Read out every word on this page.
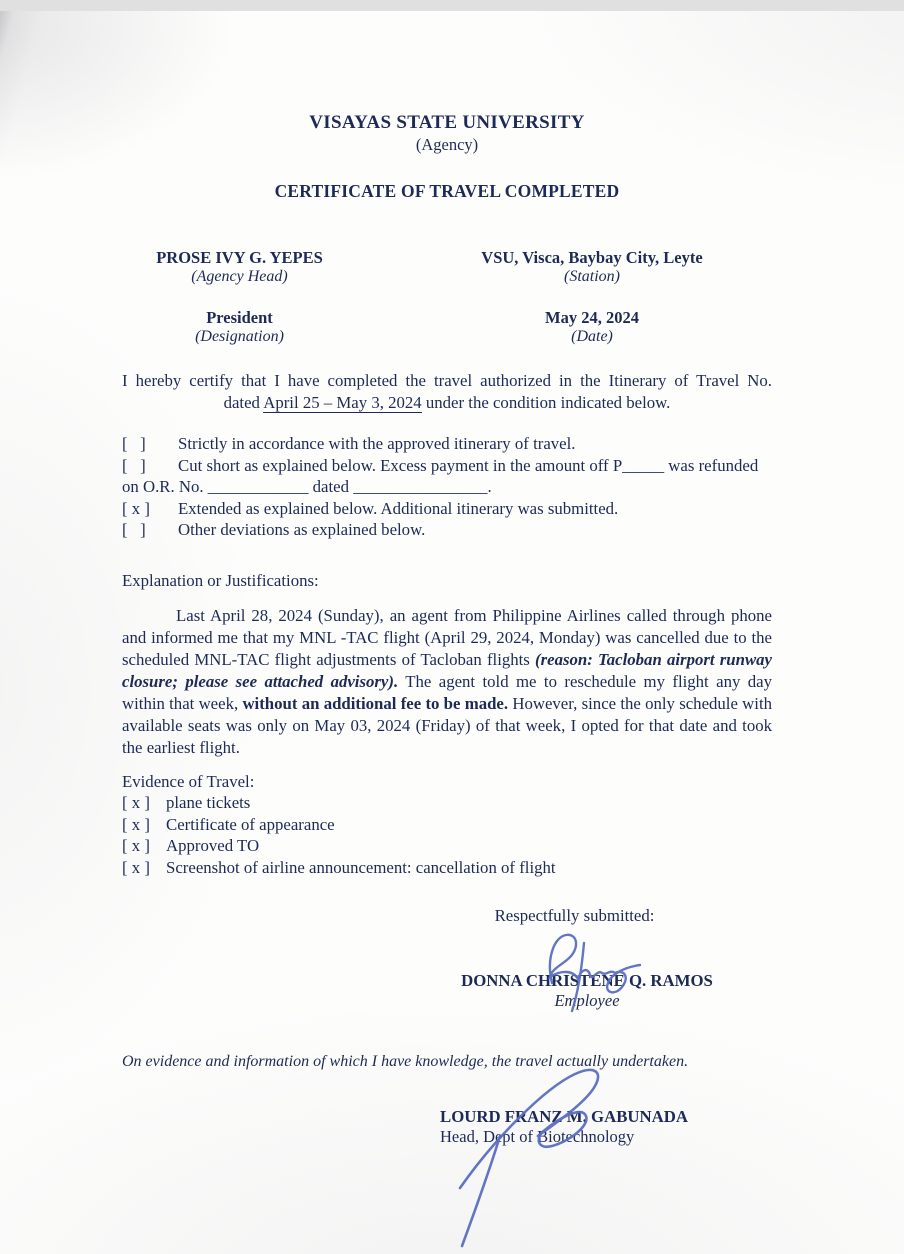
VISAYAS STATE UNIVERSITY
(Agency)
CERTIFICATE OF TRAVEL COMPLETED
PROSE IVY G. YEPES
(Agency Head)
VSU, Visca, Baybay City, Leyte
(Station)
President
(Designation)
May 24, 2024
(Date)
I hereby certify that I have completed the travel authorized in the Itinerary of Travel No.
dated April 25 – May 3, 2024 under the condition indicated below.
[   ]	Strictly in accordance with the approved itinerary of travel.
[   ]	Cut short as explained below. Excess payment in the amount off P_____ was refunded
on O.R. No. ____________ dated ________________.
[ x ]	Extended as explained below. Additional itinerary was submitted.
[   ]	Other deviations as explained below.
Explanation or Justifications:
Last April 28, 2024 (Sunday), an agent from Philippine Airlines called through phone and informed me that my MNL -TAC flight (April 29, 2024, Monday) was cancelled due to the scheduled MNL-TAC flight adjustments of Tacloban flights (reason: Tacloban airport runway closure; please see attached advisory). The agent told me to reschedule my flight any day within that week, without an additional fee to be made. However, since the only schedule with available seats was only on May 03, 2024 (Friday) of that week, I opted for that date and took the earliest flight.
Evidence of Travel:
[ x ] plane tickets
[ x ] Certificate of appearance
[ x ] Approved TO
[ x ] Screenshot of airline announcement: cancellation of flight
Respectfully submitted:
DONNA CHRISTENE Q. RAMOS
Employee
On evidence and information of which I have knowledge, the travel actually undertaken.
LOURD FRANZ M. GABUNADA
Head, Dept of Biotechnology
